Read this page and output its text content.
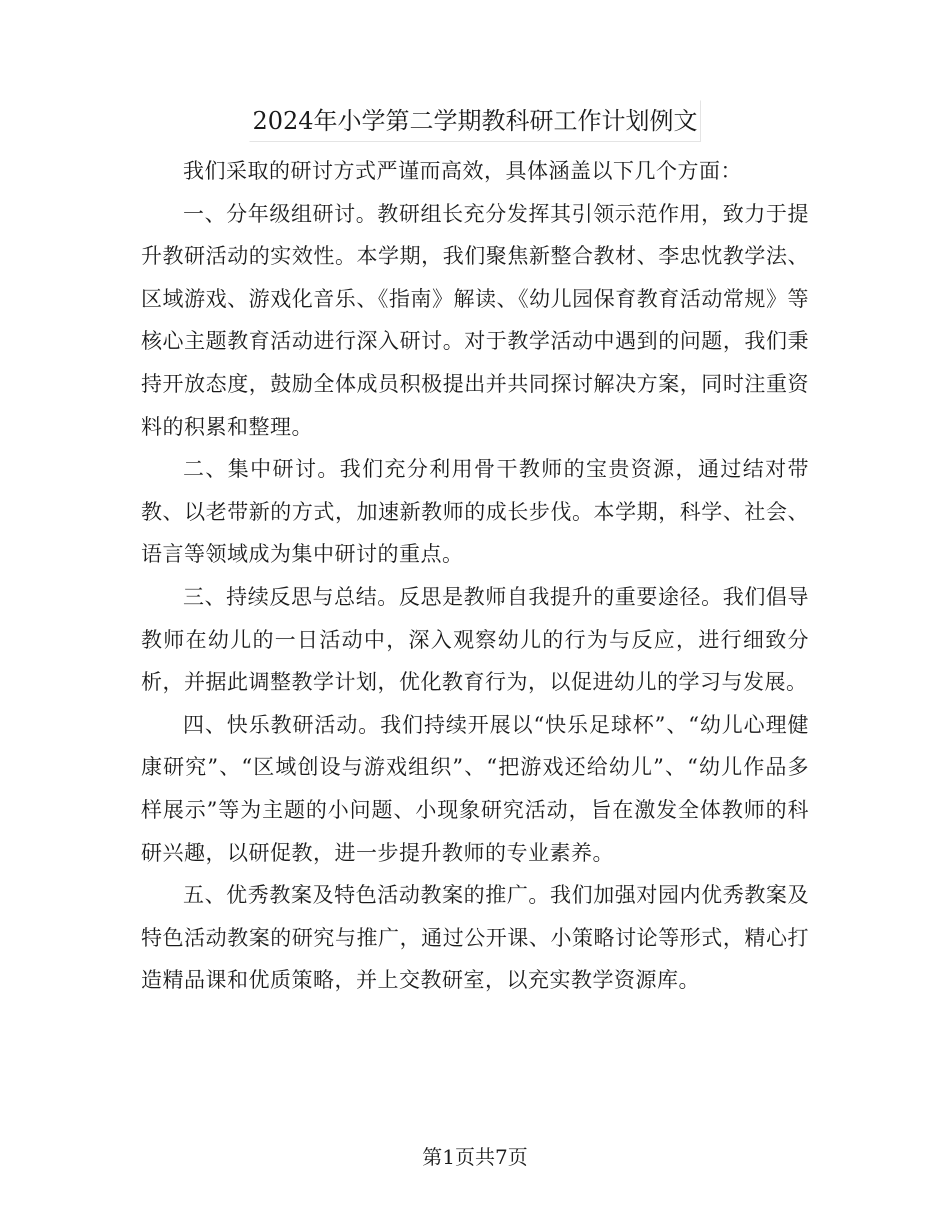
2024年小学第二学期教科研工作计划例文

我们采取的研讨方式严谨而高效，具体涵盖以下几个方面：

一、分年级组研讨。教研组长充分发挥其引领示范作用，致力于提升教研活动的实效性。本学期，我们聚焦新整合教材、李忠忱教学法、区域游戏、游戏化音乐、《指南》解读、《幼儿园保育教育活动常规》等核心主题教育活动进行深入研讨。对于教学活动中遇到的问题，我们秉持开放态度，鼓励全体成员积极提出并共同探讨解决方案，同时注重资料的积累和整理。

二、集中研讨。我们充分利用骨干教师的宝贵资源，通过结对带教、以老带新的方式，加速新教师的成长步伐。本学期，科学、社会、语言等领域成为集中研讨的重点。

三、持续反思与总结。反思是教师自我提升的重要途径。我们倡导教师在幼儿的一日活动中，深入观察幼儿的行为与反应，进行细致分析，并据此调整教学计划，优化教育行为，以促进幼儿的学习与发展。

四、快乐教研活动。我们持续开展以“快乐足球杯”、“幼儿心理健康研究”、“区域创设与游戏组织”、“把游戏还给幼儿”、“幼儿作品多样展示”等为主题的小问题、小现象研究活动，旨在激发全体教师的科研兴趣，以研促教，进一步提升教师的专业素养。

五、优秀教案及特色活动教案的推广。我们加强对园内优秀教案及特色活动教案的研究与推广，通过公开课、小策略讨论等形式，精心打造精品课和优质策略，并上交教研室，以充实教学资源库。

第1页共7页
